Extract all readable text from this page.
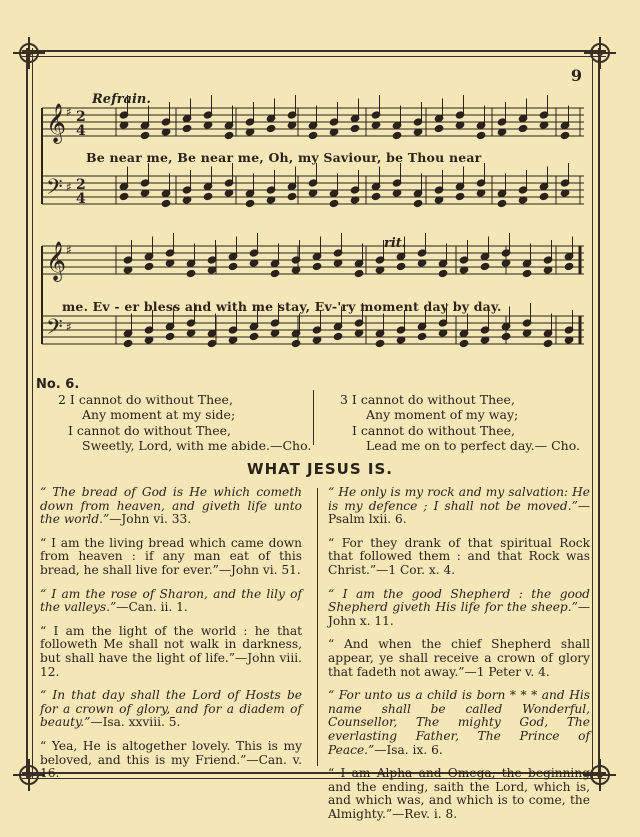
9
Refrain.
rit.
𝄞 ♯ 2
4
𝄢 ♯ 2
4
𝄞 ♯
𝄢 ♯
Be near me, Be near me, Oh, my Saviour, be Thou near
me. Ev - er bless and with me stay, Ev-'ry moment day by day.
No. 6.
2 I cannot do without Thee,
Any moment at my side;
I cannot do without Thee,
Sweetly, Lord, with me abide.—Cho.
3 I cannot do without Thee,
Any moment of my way;
I cannot do without Thee,
Lead me on to perfect day.— Cho.
WHAT JESUS IS.

“ The bread of God is He which cometh down from heaven, and giveth life unto the world.”—John vi. 33.

“ I am the living bread which came down from heaven : if any man eat of this bread, he shall live for ever.”—John vi. 51.

“ I am the rose of Sharon, and the lily of the valleys.”—Can. ii. 1.

“ I am the light of the world : he that followeth Me shall not walk in darkness, but shall have the light of life.”—John viii. 12.

“ In that day shall the Lord of Hosts be for a crown of glory, and for a diadem of beauty.”—Isa. xxviii. 5.

“ Yea, He is altogether lovely. This is my beloved, and this is my Friend.”—Can. v. 16.

“ He only is my rock and my salvation: He is my defence ; I shall not be moved.”—Psalm lxii. 6.

“ For they drank of that spiritual Rock that followed them : and that Rock was Christ.”—1 Cor. x. 4.

“ I am the good Shepherd : the good Shepherd giveth His life for the sheep.”—John x. 11.

“ And when the chief Shepherd shall appear, ye shall receive a crown of glory that fadeth not away.”—1 Peter v. 4.

“ For unto us a child is born * * * and His name shall be called Wonderful, Counsellor, The mighty God, The everlasting Father, The Prince of Peace.”—Isa. ix. 6.

“ I am Alpha and Omega, the beginning and the ending, saith the Lord, which is, and which was, and which is to come, the Almighty.”—Rev. i. 8.
